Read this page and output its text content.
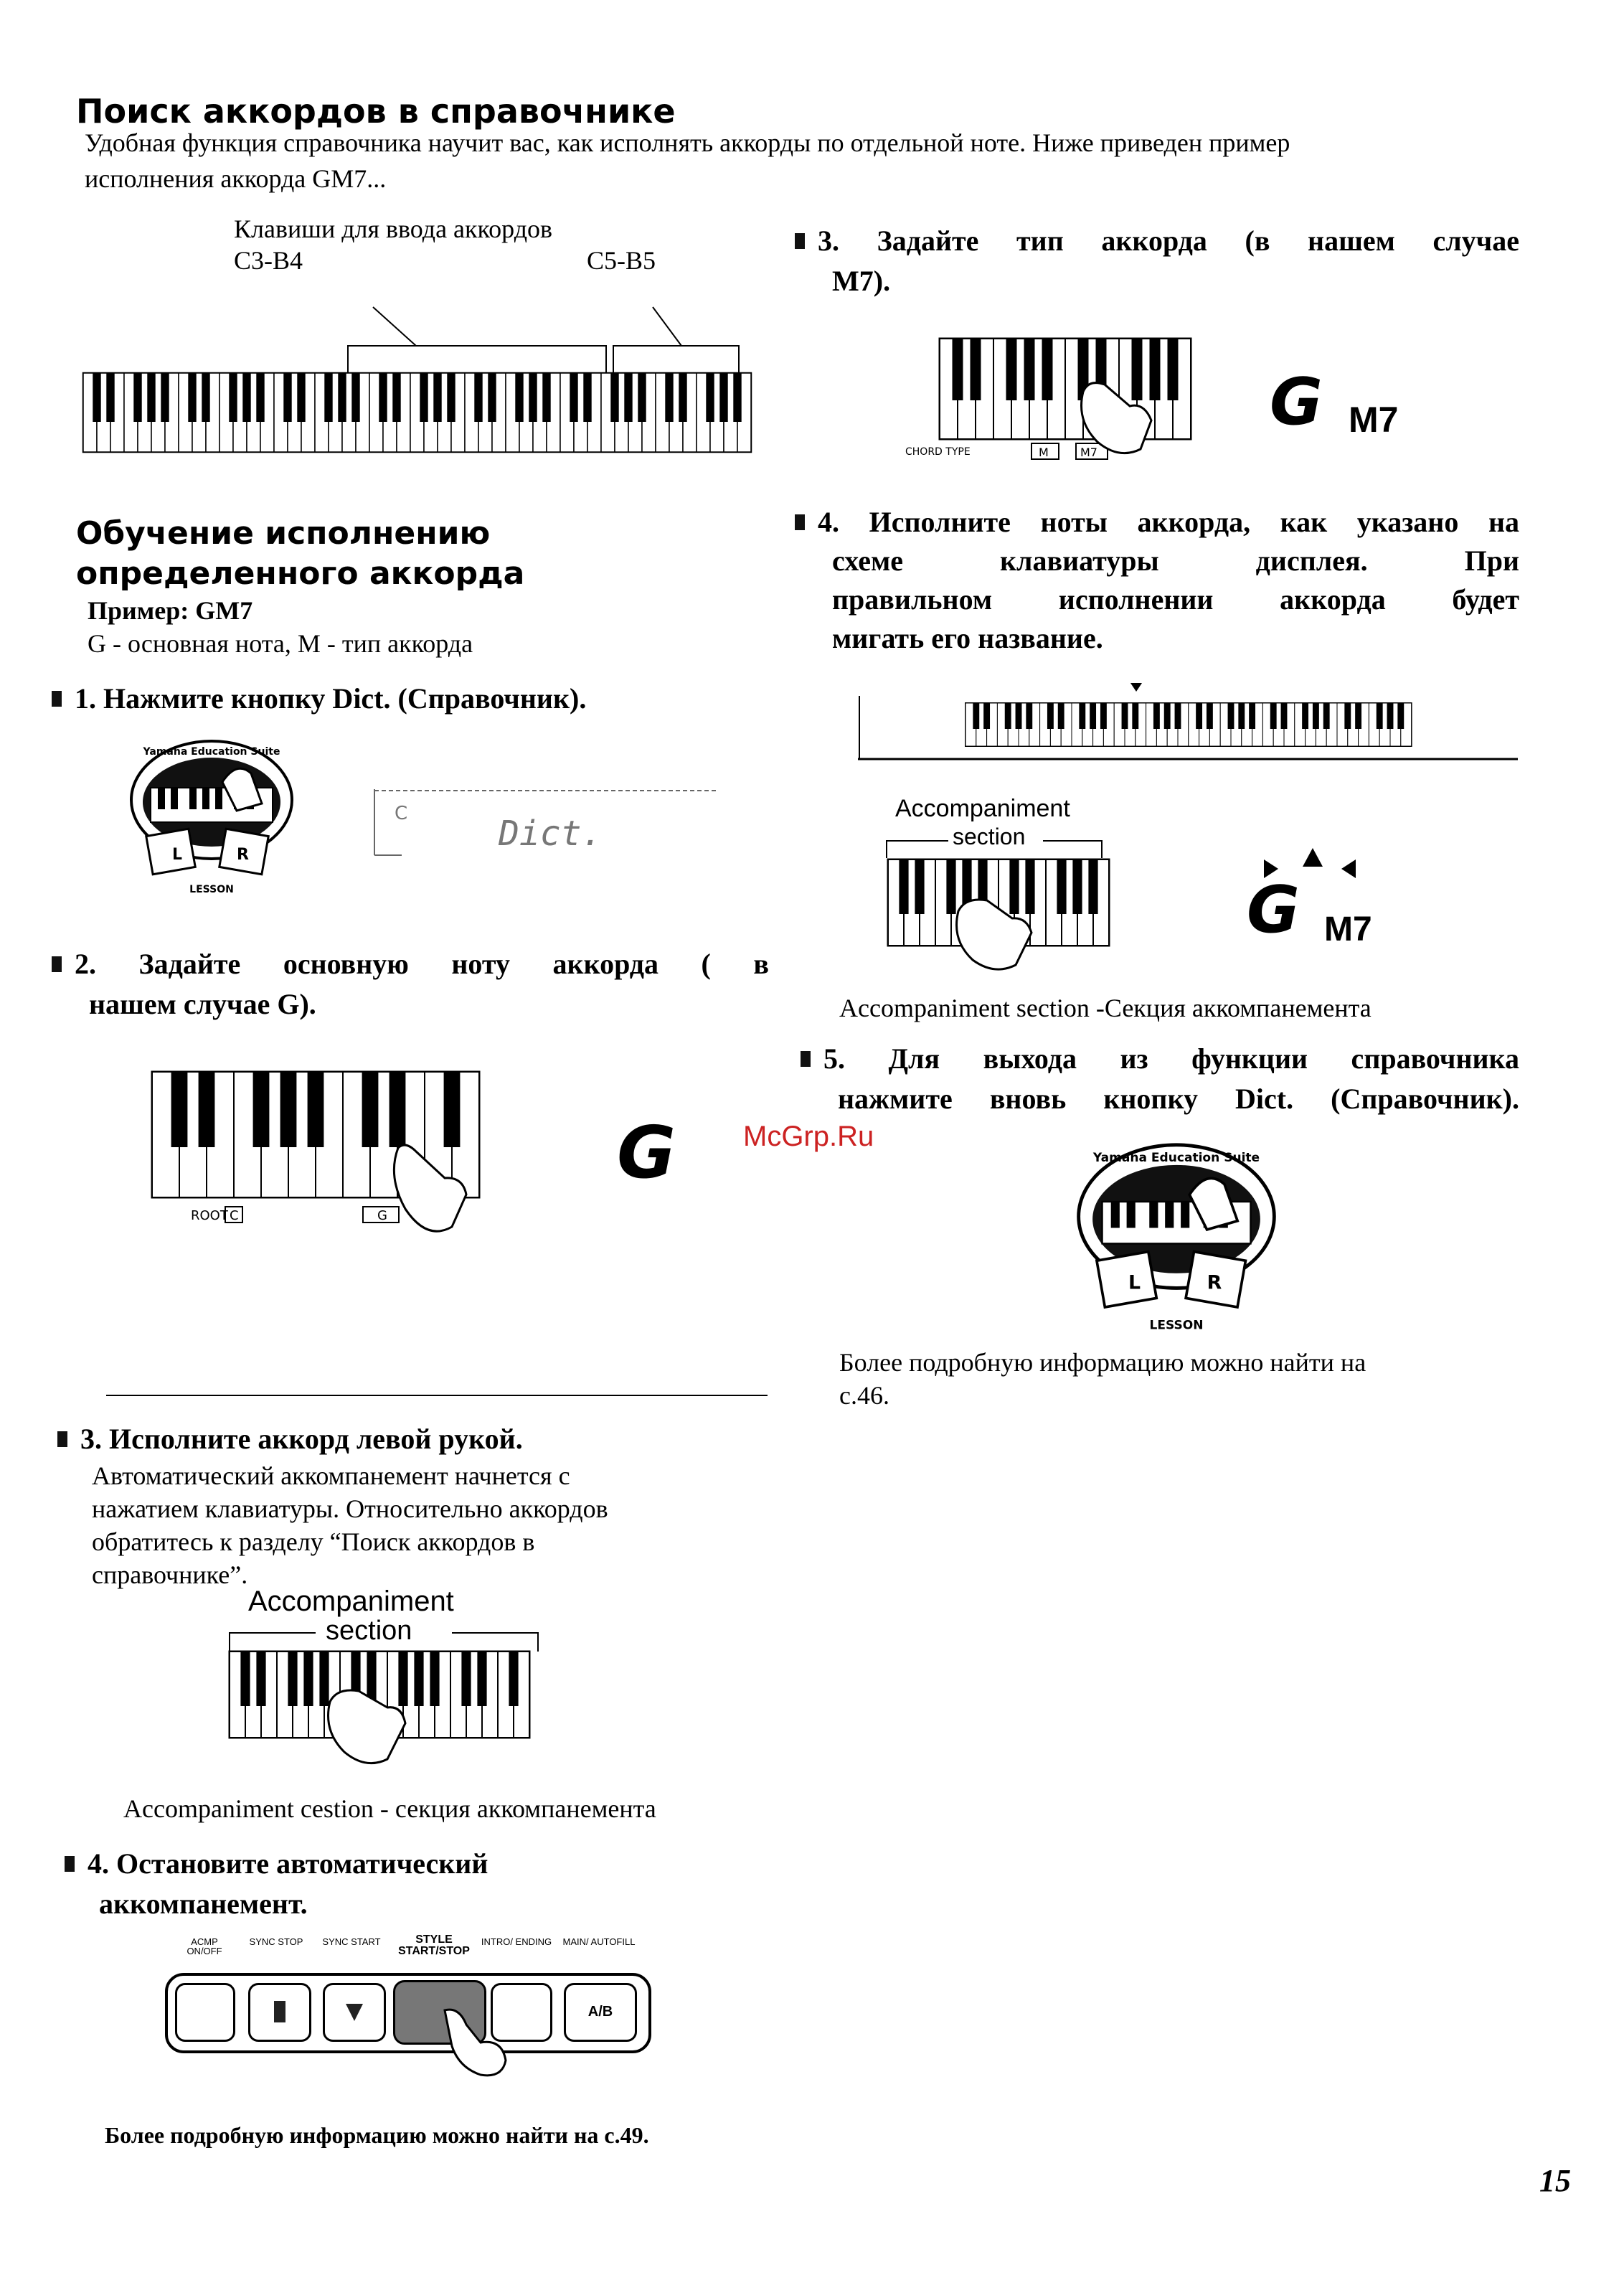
Поиск аккордов в справочнике
Удобная функция справочника научит вас, как исполнять аккорды по отдельной ноте. Ниже приведен пример
исполнения аккорда GM7...
Клавиши для ввода аккордов
C3-B4	C5-B5
Обучение исполнению
определенного аккорда
Пример: GM7
G - основная нота, M - тип аккорда
1. Нажмите кнопку Dict. (Справочник).
L	R
LESSON
Yamaha Education Suite
C	Dict.
2. Задайте основную ноту аккорда ( в
нашем случае G).
ROOT C	G
G
3. Исполните аккорд левой рукой.
Автоматический аккомпанемент начнется с
нажатием клавиатуры. Относительно аккордов
обратитесь к разделу “Поиск аккордов в
справочнике”.
Accompaniment
section
Accompaniment cestion - секция аккомпанемента
4. Остановите автоматический
аккомпанемент.
ACMP ON/OFF
SYNC STOP	SYNC START	STYLE START/STOP
INTRO/ ENDING	MAIN/ AUTOFILL
A/B
Более подробную информацию можно найти на с.49.
3. Задайте тип аккорда (в нашем случае
M7).
CHORD TYPE	M	M7
G M7
4. Исполните ноты аккорда, как указано на
схеме клавиатуры дисплея. При
правильном исполнении аккорда будет
мигать его название.
Accompaniment
section
G M7
Accompaniment section -Секция аккомпанемента
5. Для выхода из функции справочника
нажмите вновь кнопку Dict. (Справочник).
L	R
LESSON
Yamaha Education Suite
Более подробную информацию можно найти на
с.46.
McGrp.Ru
15
